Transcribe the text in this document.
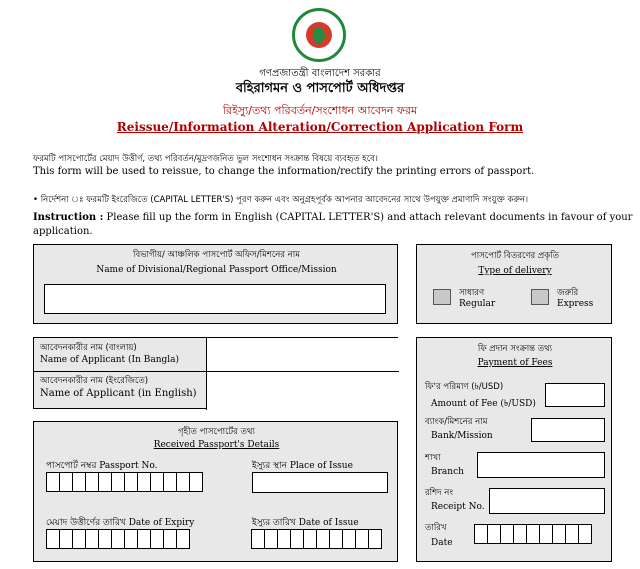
গণপ্রজাতন্ত্রী বাংলাদেশ সরকার
বহিরাগমন ও পাসপোর্ট অধিদপ্তর
রিইস্যু/তথ্য পরিবর্তন/সংশোধন আবেদন ফরম
Reissue/Information Alteration/Correction Application Form
ফরমটি পাসপোর্টের মেয়াদ উত্তীর্ণ, তথ্য পরিবর্তন/মুদ্রণজনিত ভুল সংশোধন সংক্রান্ত বিষয়ে ব্যবহৃত হবে।
This form will be used to reissue, to change the information/rectify the printing errors of passport.
• নির্দেশনা ঃ ফরমটি ইংরেজিতে (CAPITAL LETTER'S) পূরণ করুন এবং অনুগ্রহপূর্বক আপনার আবেদনের সাথে উপযুক্ত প্রমাণাদি সংযুক্ত করুন।
Instruction : Please fill up the form in English (CAPITAL LETTER'S) and attach relevant documents in favour of your application.
বিভাগীয়/ আঞ্চলিক পাসপোর্ট অফিস/মিশনের নাম
Name of Divisional/Regional Passport Office/Mission
পাসপোর্ট বিতরণের প্রকৃতি
Type of delivery
সাধারণ
Regular
জরুরি
Express
আবেদনকারীর নাম (বাংলায়)
Name of Applicant (In Bangla)
আবেদনকারীর নাম (ইংরেজিতে)
Name of Applicant (in English)
গৃহীত পাসপোর্টের তথ্য
Received Passport's Details
পাসপোর্ট নম্বর Passport No.	ইস্যুর স্থান Place of Issue
মেয়াদ উত্তীর্ণের তারিখ Date of Expiry	ইস্যুর তারিখ Date of Issue
ফি প্রদান সংক্রান্ত তথ্য
Payment of Fees
ফি'র পরিমাণ (৳/USD)
Amount of Fee (৳/USD)
ব্যাংক/মিশনের নাম
Bank/Mission
শাখা
Branch
রশিদ নং
Receipt No.
তারিখ
Date
